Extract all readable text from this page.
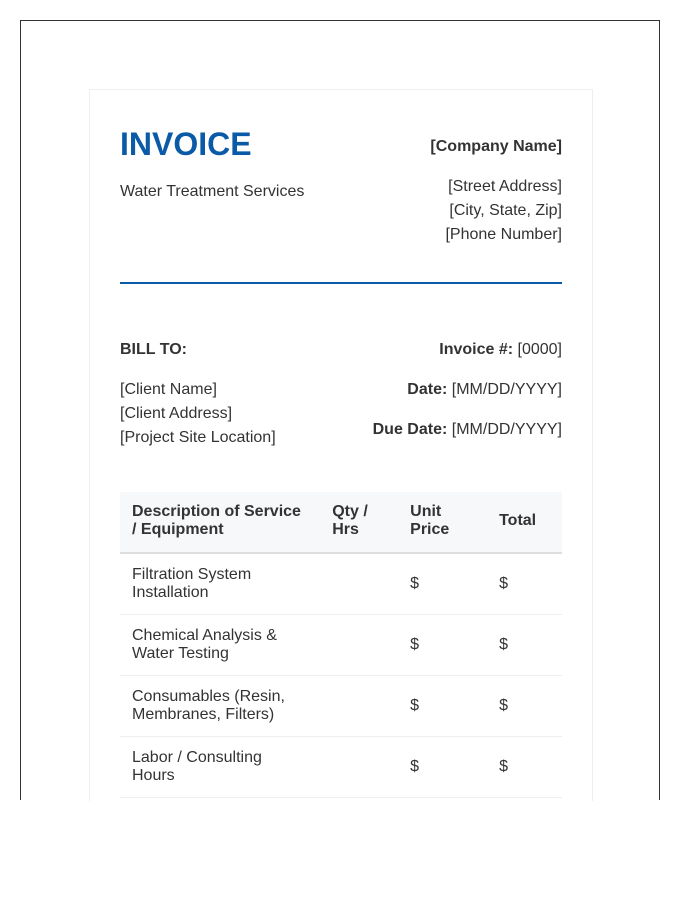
INVOICE
Water Treatment Services
[Company Name]
[Street Address]
[City, State, Zip]
[Phone Number]
BILL TO:
[Client Name]
[Client Address]
[Project Site Location]
Invoice #: [0000]
Date: [MM/DD/YYYY]
Due Date: [MM/DD/YYYY]
Description of Service / Equipment	Qty / Hrs	Unit Price	Total
Filtration System Installation		$	$
Chemical Analysis & Water Testing		$	$
Consumables (Resin, Membranes, Filters)		$	$
Labor / Consulting Hours		$	$
